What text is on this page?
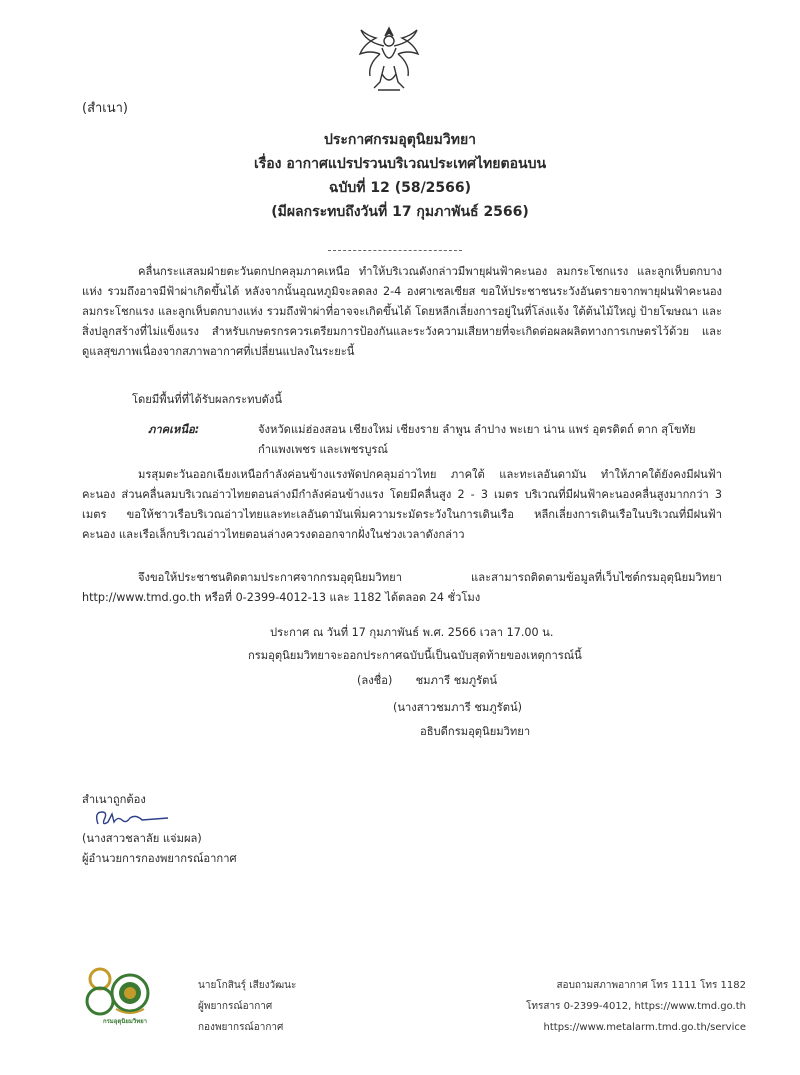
(สำเนา)
ประกาศกรมอุตุนิยมวิทยา
เรื่อง อากาศแปรปรวนบริเวณประเทศไทยตอนบน
ฉบับที่ 12 (58/2566)
(มีผลกระทบถึงวันที่ 17 กุมภาพันธ์ 2566)

คลื่นกระแสลมฝ่ายตะวันตกปกคลุมภาคเหนือ ทำให้บริเวณดังกล่าวมีพายุฝนฟ้าคะนอง ลมกระโชกแรง และลูกเห็บตกบางแห่ง รวมถึงอาจมีฟ้าผ่าเกิดขึ้นได้ หลังจากนั้นอุณหภูมิจะลดลง 2-4 องศาเซลเซียส ขอให้ประชาชนระวังอันตรายจากพายุฝนฟ้าคะนอง ลมกระโชกแรง และลูกเห็บตกบางแห่ง รวมถึงฟ้าผ่าที่อาจจะเกิดขึ้นได้ โดยหลีกเลี่ยงการอยู่ในที่โล่งแจ้ง ใต้ต้นไม้ใหญ่ ป้ายโฆษณา และสิ่งปลูกสร้างที่ไม่แข็งแรง สำหรับเกษตรกรควรเตรียมการป้องกันและระวังความเสียหายที่จะเกิดต่อผลผลิตทางการเกษตรไว้ด้วย และดูแลสุขภาพเนื่องจากสภาพอากาศที่เปลี่ยนแปลงในระยะนี้

โดยมีพื้นที่ที่ได้รับผลกระทบดังนี้
ภาคเหนือ:	จังหวัดแม่ฮ่องสอน เชียงใหม่ เชียงราย ลำพูน ลำปาง พะเยา น่าน แพร่ อุตรดิตถ์ ตาก สุโขทัย กำแพงเพชร และเพชรบูรณ์

มรสุมตะวันออกเฉียงเหนือกำลังค่อนข้างแรงพัดปกคลุมอ่าวไทย ภาคใต้ และทะเลอันดามัน ทำให้ภาคใต้ยังคงมีฝนฟ้าคะนอง ส่วนคลื่นลมบริเวณอ่าวไทยตอนล่างมีกำลังค่อนข้างแรง โดยมีคลื่นสูง 2 - 3 เมตร บริเวณที่มีฝนฟ้าคะนองคลื่นสูงมากกว่า 3 เมตร ขอให้ชาวเรือบริเวณอ่าวไทยและทะเลอันดามันเพิ่มความระมัดระวังในการเดินเรือ หลีกเลี่ยงการเดินเรือในบริเวณที่มีฝนฟ้าคะนอง และเรือเล็กบริเวณอ่าวไทยตอนล่างควรงดออกจากฝั่งในช่วงเวลาดังกล่าว

จึงขอให้ประชาชนติดตามประกาศจากกรมอุตุนิยมวิทยา และสามารถติดตามข้อมูลที่เว็บไซต์กรมอุตุนิยมวิทยา http://www.tmd.go.th หรือที่ 0-2399-4012-13 และ 1182 ได้ตลอด 24 ชั่วโมง

ประกาศ ณ วันที่ 17 กุมภาพันธ์ พ.ศ. 2566 เวลา 17.00 น.
กรมอุตุนิยมวิทยาจะออกประกาศฉบับนี้เป็นฉบับสุดท้ายของเหตุการณ์นี้
(ลงชื่อ) ชมภารี ชมภูรัตน์
(นางสาวชมภารี ชมภูรัตน์)
อธิบดีกรมอุตุนิยมวิทยา
สำเนาถูกต้อง
(นางสาวชลาลัย แจ่มผล)
ผู้อำนวยการกองพยากรณ์อากาศ
กรมอุตุนิยมวิทยา
นายโกสินรุ์ เสียงวัฒนะ
ผู้พยากรณ์อากาศ
กองพยากรณ์อากาศ
สอบถามสภาพอากาศ โทร 1111 โทร 1182
โทรสาร 0-2399-4012, https://www.tmd.go.th
https://www.metalarm.tmd.go.th/service
